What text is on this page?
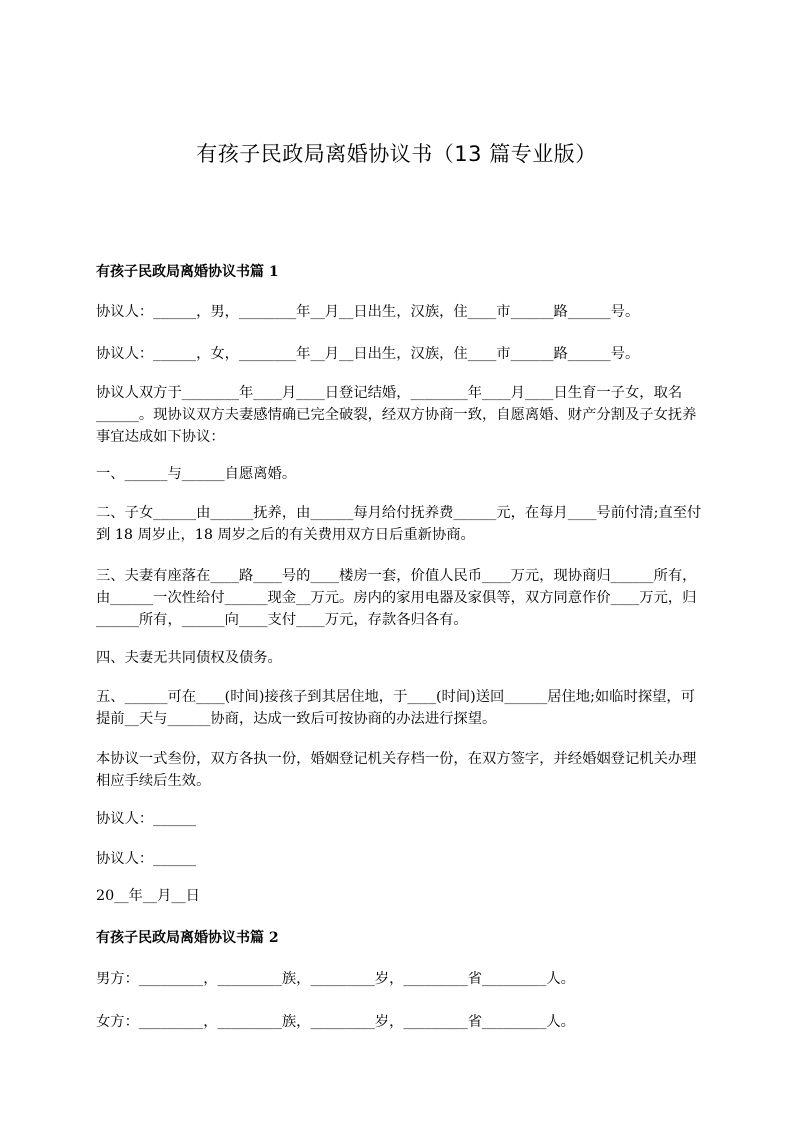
有孩子民政局离婚协议书（13 篇专业版）
有孩子民政局离婚协议书篇 1

协议人：______，男，________年__月__日出生，汉族，住____市______路______号。

协议人：______，女，________年__月__日出生，汉族，住____市______路______号。

协议人双方于________年____月____日登记结婚，________年____月____日生育一子女，取名______。现协议双方夫妻感情确已完全破裂，经双方协商一致，自愿离婚、财产分割及子女抚养事宜达成如下协议：

一、______与______自愿离婚。

二、子女______由______抚养，由______每月给付抚养费______元，在每月____号前付清;直至付到 18 周岁止，18 周岁之后的有关费用双方日后重新协商。

三、夫妻有座落在____路____号的____楼房一套，价值人民币____万元，现协商归______所有，由______一次性给付______现金__万元。房内的家用电器及家俱等，双方同意作价____万元，归______所有，______向____支付____万元，存款各归各有。

四、夫妻无共同债权及债务。

五、______可在____(时间)接孩子到其居住地，于____(时间)送回______居住地;如临时探望，可提前__天与______协商，达成一致后可按协商的办法进行探望。

本协议一式叁份，双方各执一份，婚姻登记机关存档一份，在双方签字，并经婚姻登记机关办理相应手续后生效。

协议人：______

协议人：______

20__年__月__日

有孩子民政局离婚协议书篇 2

男方：_________，_________族，_________岁，_________省_________人。

女方：_________，_________族，_________岁，_________省_________人。
